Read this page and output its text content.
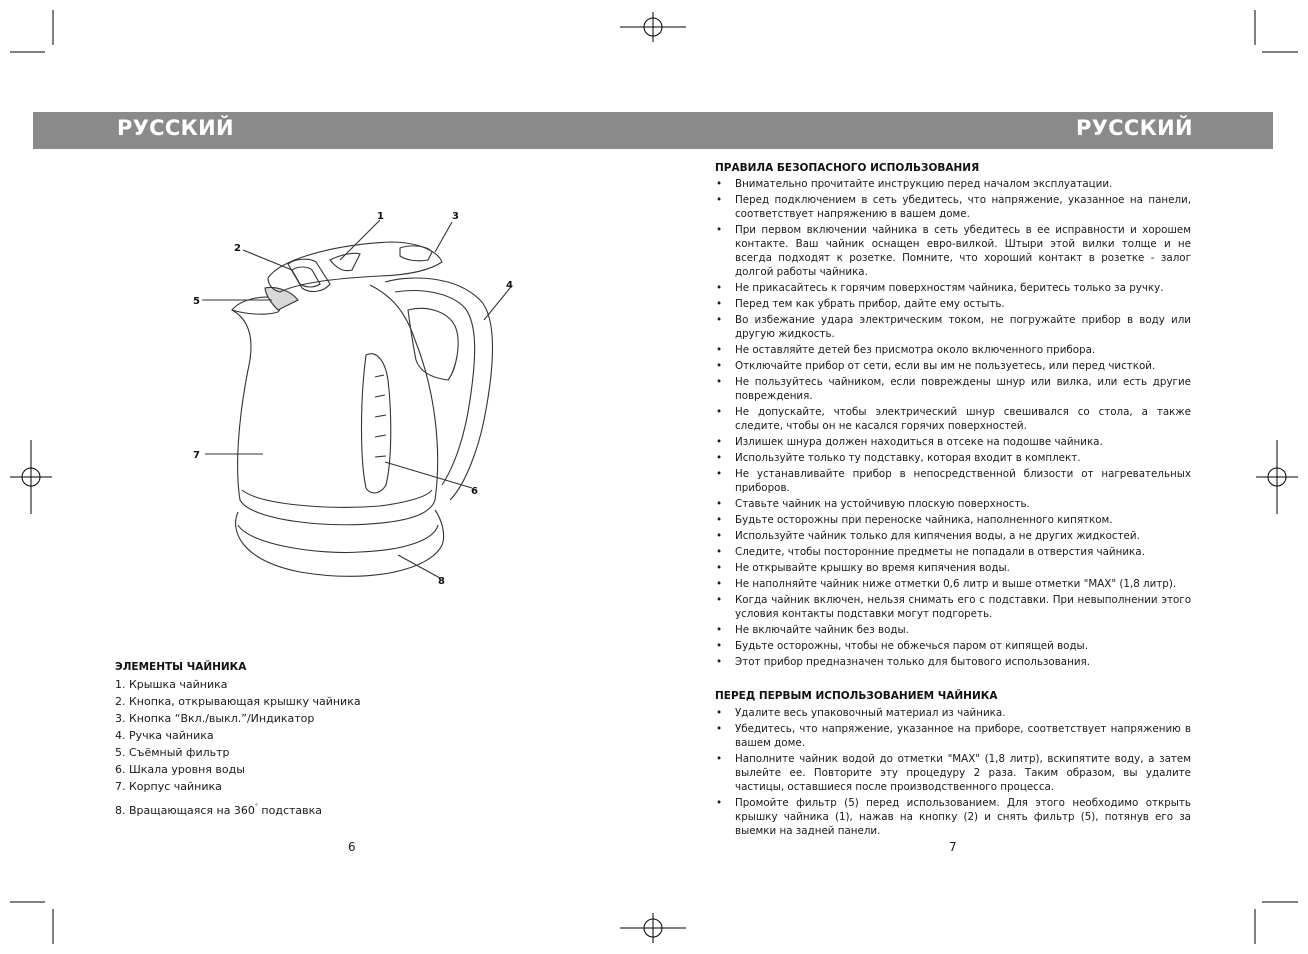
РУССКИЙ	РУССКИЙ
1
2
3
4
5
6
7
8
ЭЛЕМЕНТЫ ЧАЙНИКА
1. Крышка чайника
2. Кнопка, открывающая крышку чайника
3. Кнопка “Вкл./выкл.”/Индикатор
4. Ручка чайника
5. Съёмный фильтр
6. Шкала уровня воды
7. Корпус чайника
8. Вращающаяся на 360° подставка
ПРАВИЛА БЕЗОПАСНОГО ИСПОЛЬЗОВАНИЯ
• Внимательно прочитайте инструкцию перед началом эксплуатации.
• Перед подключением в сеть убедитесь, что напряжение, указанное на панели, соответствует напряжению в вашем доме.
• При первом включении чайника в сеть убедитесь в ее исправности и хорошем контакте. Ваш чайник оснащен евро-вилкой. Штыри этой вилки толще и не всегда подходят к розетке. Помните, что хороший контакт в розетке - залог долгой работы чайника.
• Не прикасайтесь к горячим поверхностям чайника, беритесь только за ручку.
• Перед тем как убрать прибор, дайте ему остыть.
• Во избежание удара электрическим током, не погружайте прибор в воду или другую жидкость.
• Не оставляйте детей без присмотра около включенного прибора.
• Отключайте прибор от сети, если вы им не пользуетесь, или перед чисткой.
• Не пользуйтесь чайником, если повреждены шнур или вилка, или есть другие повреждения.
• Не допускайте, чтобы электрический шнур свешивался со стола, а также следите, чтобы он не касался горячих поверхностей.
• Излишек шнура должен находиться в отсеке на подошве чайника.
• Используйте только ту подставку, которая входит в комплект.
• Не устанавливайте прибор в непосредственной близости от нагревательных приборов.
• Ставьте чайник на устойчивую плоскую поверхность.
• Будьте осторожны при переноске чайника, наполненного кипятком.
• Используйте чайник только для кипячения воды, а не других жидкостей.
• Следите, чтобы посторонние предметы не попадали в отверстия чайника.
• Не открывайте крышку во время кипячения воды.
• Не наполняйте чайник ниже отметки 0,6 литр и выше отметки "MAX" (1,8 литр).
• Когда чайник включен, нельзя снимать его с подставки. При невыполнении этого условия контакты подставки могут подгореть.
• Не включайте чайник без воды.
• Будьте осторожны, чтобы не обжечься паром от кипящей воды.
• Этот прибор предназначен только для бытового использования.
ПЕРЕД ПЕРВЫМ ИСПОЛЬЗОВАНИЕМ ЧАЙНИКА
• Удалите весь упаковочный материал из чайника.
• Убедитесь, что напряжение, указанное на приборе, соответствует напряжению в вашем доме.
• Наполните чайник водой до отметки "MAX" (1,8 литр), вскипятите воду, а затем вылейте ее. Повторите эту процедуру 2 раза. Таким образом, вы удалите частицы, оставшиеся после производственного процесса.
• Промойте фильтр (5) перед использованием. Для этого необходимо открыть крышку чайника (1), нажав на кнопку (2) и снять фильтр (5), потянув его за выемки на задней панели.
6	7
